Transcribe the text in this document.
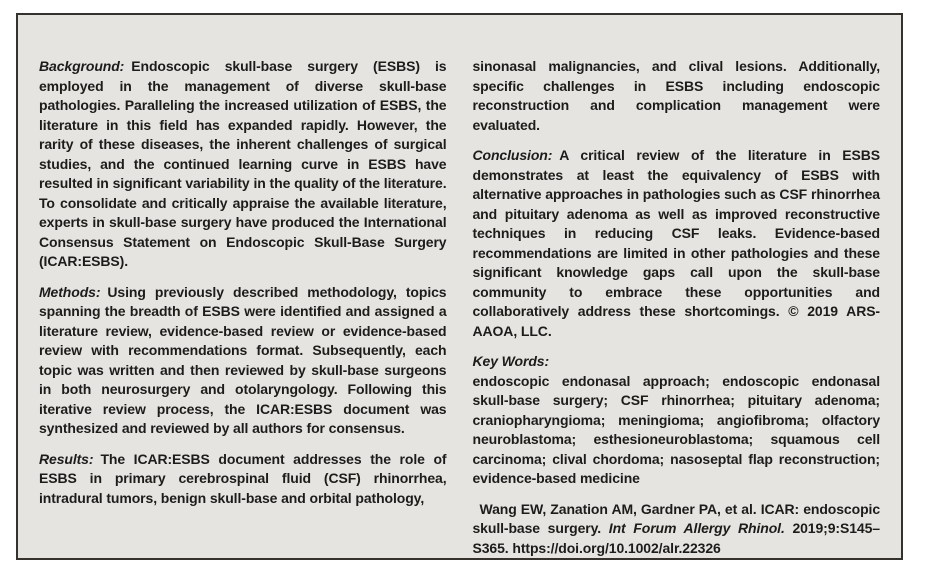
Background: Endoscopic skull-base surgery (ESBS) is employed in the management of diverse skull-base pathologies. Paralleling the increased utilization of ESBS, the literature in this field has expanded rapidly. However, the rarity of these diseases, the inherent challenges of surgical studies, and the continued learning curve in ESBS have resulted in significant variability in the quality of the literature. To consolidate and critically appraise the available literature, experts in skull-base surgery have produced the International Consensus Statement on Endoscopic Skull-Base Surgery (ICAR:ESBS).

Methods: Using previously described methodology, topics spanning the breadth of ESBS were identified and assigned a literature review, evidence-based review or evidence-based review with recommendations format. Subsequently, each topic was written and then reviewed by skull-base surgeons in both neurosurgery and otolaryngology. Following this iterative review process, the ICAR:ESBS document was synthesized and reviewed by all authors for consensus.

Results: The ICAR:ESBS document addresses the role of ESBS in primary cerebrospinal fluid (CSF) rhinorrhea, intradural tumors, benign skull-base and orbital pathology,

sinonasal malignancies, and clival lesions. Additionally, specific challenges in ESBS including endoscopic reconstruction and complication management were evaluated.

Conclusion: A critical review of the literature in ESBS demonstrates at least the equivalency of ESBS with alternative approaches in pathologies such as CSF rhinorrhea and pituitary adenoma as well as improved reconstructive techniques in reducing CSF leaks. Evidence-based recommendations are limited in other pathologies and these significant knowledge gaps call upon the skull-base community to embrace these opportunities and collaboratively address these shortcomings. © 2019 ARS-AAOA, LLC.

Key Words:
endoscopic endonasal approach; endoscopic endonasal skull-base surgery; CSF rhinorrhea; pituitary adenoma; craniopharyngioma; meningioma; angiofibroma; olfactory neuroblastoma; esthesioneuroblastoma; squamous cell carcinoma; clival chordoma; nasoseptal flap reconstruction; evidence-based medicine

Wang EW, Zanation AM, Gardner PA, et al. ICAR: endoscopic skull-base surgery. Int Forum Allergy Rhinol. 2019;9:S145–S365. https://doi.org/10.1002/alr.22326
